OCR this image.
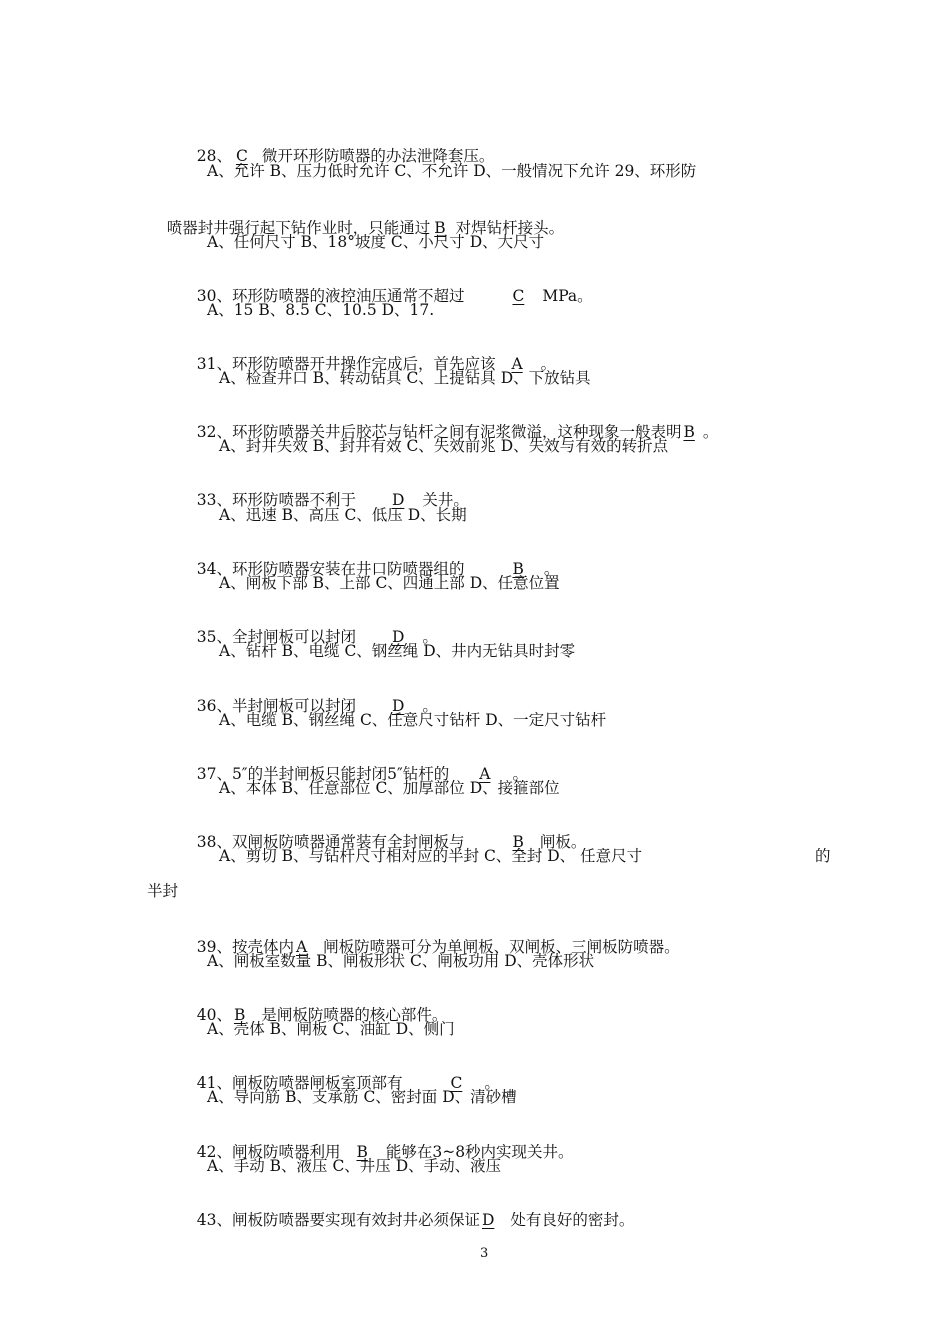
28、 C 微开环形防喷器的办法泄降套压。

A、允许 B、压力低时允许 C、不允许 D、一般情况下允许 29、环形防

喷器封井强行起下钻作业时，只能通过 B 对焊钻杆接头。

A、任何尺寸 B、18°坡度 C、小尺寸 D、大尺寸

30、环形防喷器的液控油压通常不超过	C MPa。

A、15 B、8.5 C、10.5 D、17.

31、环形防喷器开井操作完成后，首先应该 A 。

A、检查井口 B、转动钻具 C、上提钻具 D、下放钻具

32、环形防喷器关井后胶芯与钻杆之间有泥浆微溢，这种现象一般表明 B 。

A、封井失效 B、封井有效 C、失效前兆 D、失效与有效的转折点

33、环形防喷器不利于 D 关井。

A、迅速 B、高压 C、低压 D、长期

34、环形防喷器安装在井口防喷器组的	B 。

A、闸板下部 B、上部 C、四通上部 D、任意位置

35、全封闸板可以封闭 D 。

A、钻杆 B、电缆 C、钢丝绳 D、井内无钻具时封零

36、半封闸板可以封闭 D 。

A、电缆 B、钢丝绳 C、任意尺寸钻杆 D、一定尺寸钻杆

37、5″的半封闸板只能封闭5″钻杆的 A 。

A、本体 B、任意部位 C、加厚部位 D、接箍部位

38、双闸板防喷器通常装有全封闸板与	B 闸板。

A、剪切 B、与钻杆尺寸相对应的半封 C、全封 D、 任意尺寸	的
半封

39、按壳体内 A 闸板防喷器可分为单闸板、双闸板、三闸板防喷器。

A、闸板室数量 B、闸板形状 C、闸板功用 D、壳体形状

40、 B 是闸板防喷器的核心部件。

A、壳体 B、闸板 C、油缸 D、侧门

41、闸板防喷器闸板室顶部有	C 。

A、导向筋 B、支承筋 C、密封面 D、清砂槽

42、闸板防喷器利用 B 能够在3~8秒内实现关井。

A、手动 B、液压 C、井压 D、手动、液压

43、闸板防喷器要实现有效封井必须保证 D 处有良好的密封。

3
